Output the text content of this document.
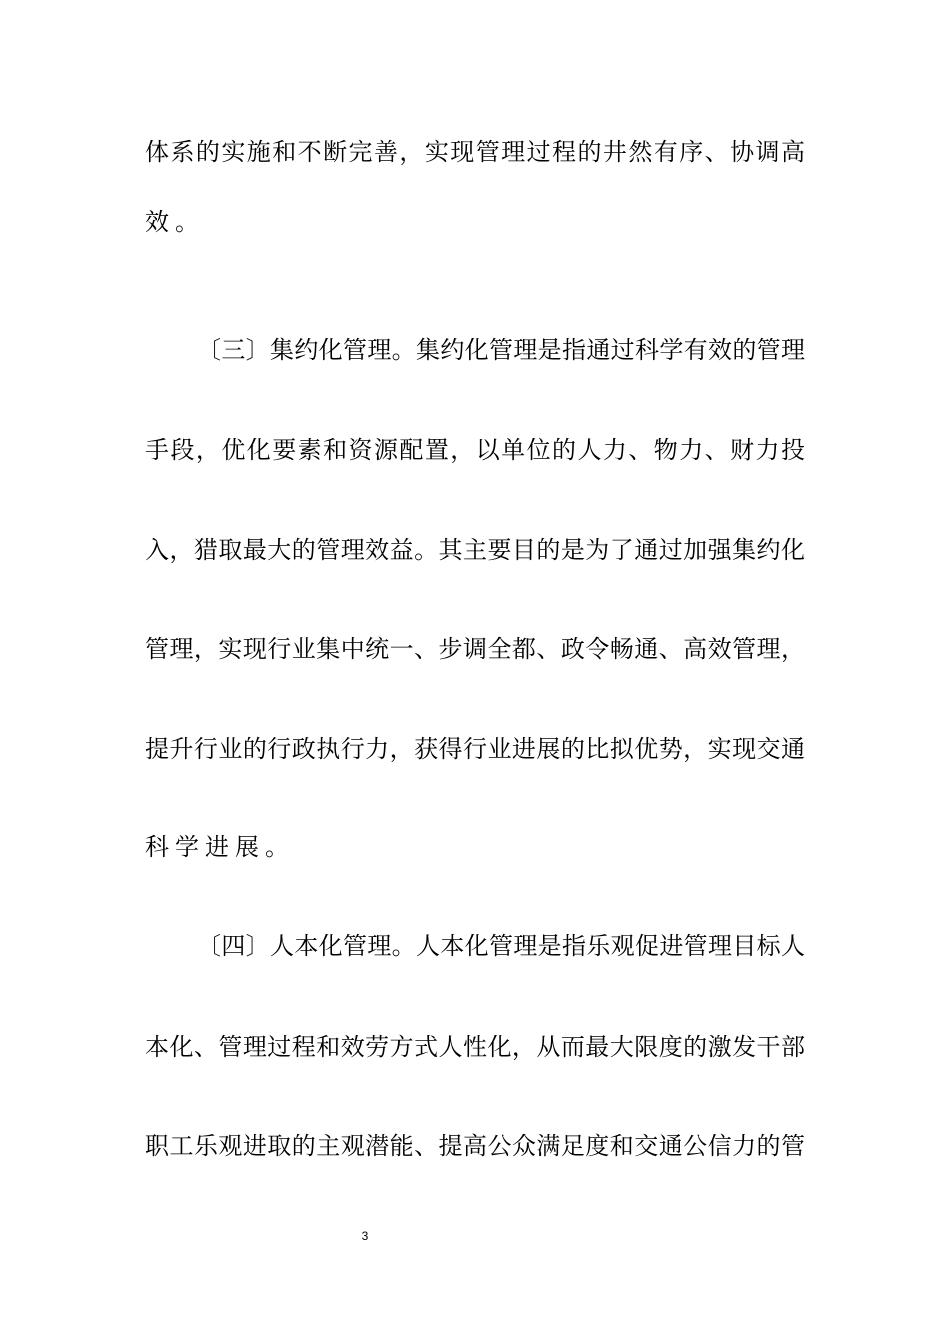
体系的实施和不断完善，实现管理过程的井然有序、协调高
效。
〔三〕集约化管理。集约化管理是指通过科学有效的管理
手段，优化要素和资源配置，以单位的人力、物力、财力投
入，猎取最大的管理效益。其主要目的是为了通过加强集约化
管理，实现行业集中统一、步调全都、政令畅通、高效管理，
提升行业的行政执行力，获得行业进展的比拟优势，实现交通
科学进展。
〔四〕人本化管理。人本化管理是指乐观促进管理目标人
本化、管理过程和效劳方式人性化，从而最大限度的激发干部
职工乐观进取的主观潜能、提高公众满足度和交通公信力的管
3
